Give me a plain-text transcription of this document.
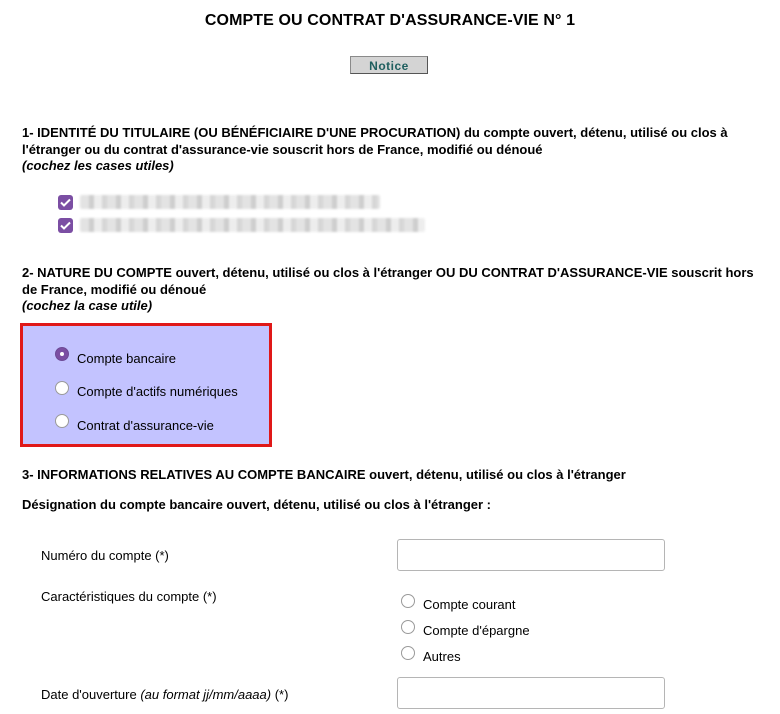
COMPTE OU CONTRAT D'ASSURANCE-VIE N° 1
Notice
1- IDENTITÉ DU TITULAIRE (OU BÉNÉFICIAIRE D'UNE PROCURATION) du compte ouvert, détenu, utilisé ou clos à l'étranger ou du contrat d'assurance-vie souscrit hors de France, modifié ou dénoué
(cochez les cases utiles)
2- NATURE DU COMPTE ouvert, détenu, utilisé ou clos à l'étranger OU DU CONTRAT D'ASSURANCE-VIE souscrit hors de France, modifié ou dénoué
(cochez la case utile)
Compte bancaire
Compte d'actifs numériques
Contrat d'assurance-vie
3- INFORMATIONS RELATIVES AU COMPTE BANCAIRE ouvert, détenu, utilisé ou clos à l'étranger
Désignation du compte bancaire ouvert, détenu, utilisé ou clos à l'étranger :
Numéro du compte (*)
Caractéristiques du compte (*)
Compte courant
Compte d'épargne
Autres
Date d'ouverture (au format jj/mm/aaaa) (*)
